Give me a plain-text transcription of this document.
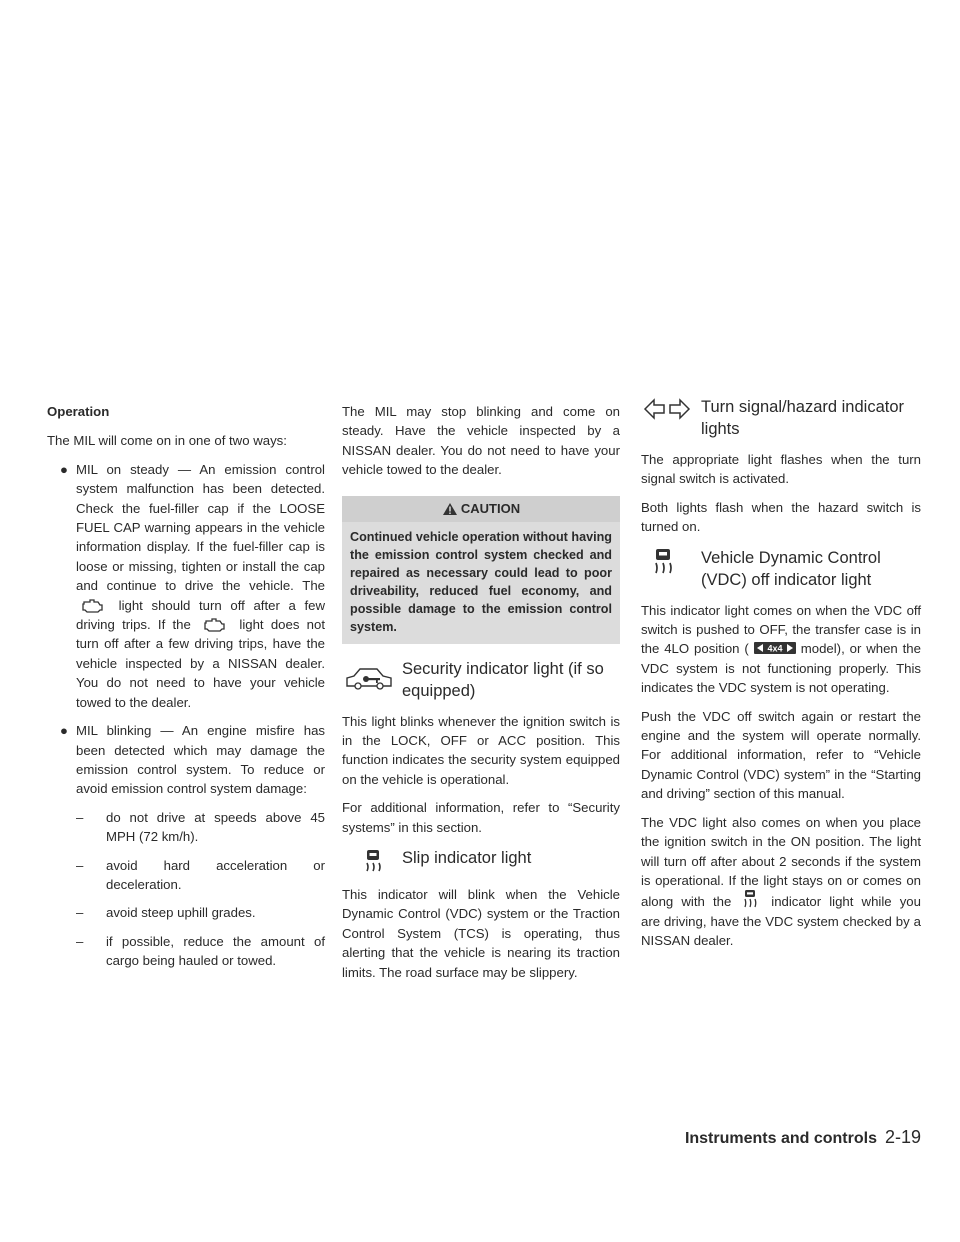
Operation

The MIL will come on in one of two ways:

● MIL on steady — An emission control system malfunction has been detected. Check the fuel-filler cap if the LOOSE FUEL CAP warning appears in the vehicle information display. If the fuel-filler cap is loose or missing, tighten or install the cap and continue to drive the vehicle. The  light should turn off after a few driving trips. If the	light does not turn off after a few driving trips, have the vehicle inspected by a NISSAN dealer. You do not need to have your vehicle towed to the dealer.
● MIL blinking — An engine misfire has been detected which may damage the emission control system. To reduce or avoid emission control system damage:
– do not drive at speeds above 45 MPH (72 km/h).
– avoid hard acceleration or deceleration.
– avoid steep uphill grades.
– if possible, reduce the amount of cargo being hauled or towed.

The MIL may stop blinking and come on steady. Have the vehicle inspected by a NISSAN dealer. You do not need to have your vehicle towed to the dealer.

CAUTION
Continued vehicle operation without having the emission control system checked and repaired as necessary could lead to poor driveability, reduced fuel economy, and possible damage to the emission control system.
Security indicator light (if so equipped)

This light blinks whenever the ignition switch is in the LOCK, OFF or ACC position. This function indicates the security system equipped on the vehicle is operational.

For additional information, refer to “Security systems” in this section.

Slip indicator light

This indicator will blink when the Vehicle Dynamic Control (VDC) system or the Traction Control System (TCS) is operating, thus alerting that the vehicle is nearing its traction limits. The road surface may be slippery.

Turn signal/hazard indicator lights

The appropriate light flashes when the turn signal switch is activated.

Both lights flash when the hazard switch is turned on.

Vehicle Dynamic Control (VDC) off indicator light

This indicator light comes on when the VDC off switch is pushed to OFF, the transfer case is in the 4LO position ( 4x4 model), or when the VDC system is not functioning properly. This indicates the VDC system is not operating.

Push the VDC off switch again or restart the engine and the system will operate normally. For additional information, refer to “Vehicle Dynamic Control (VDC) system” in the “Starting and driving” section of this manual.

The VDC light also comes on when you place the ignition switch in the ON position. The light will turn off after about 2 seconds if the system is operational. If the light stays on or comes on along with the	indicator light while you are driving, have the VDC system checked by a NISSAN dealer.

Instruments and controls 2-19
